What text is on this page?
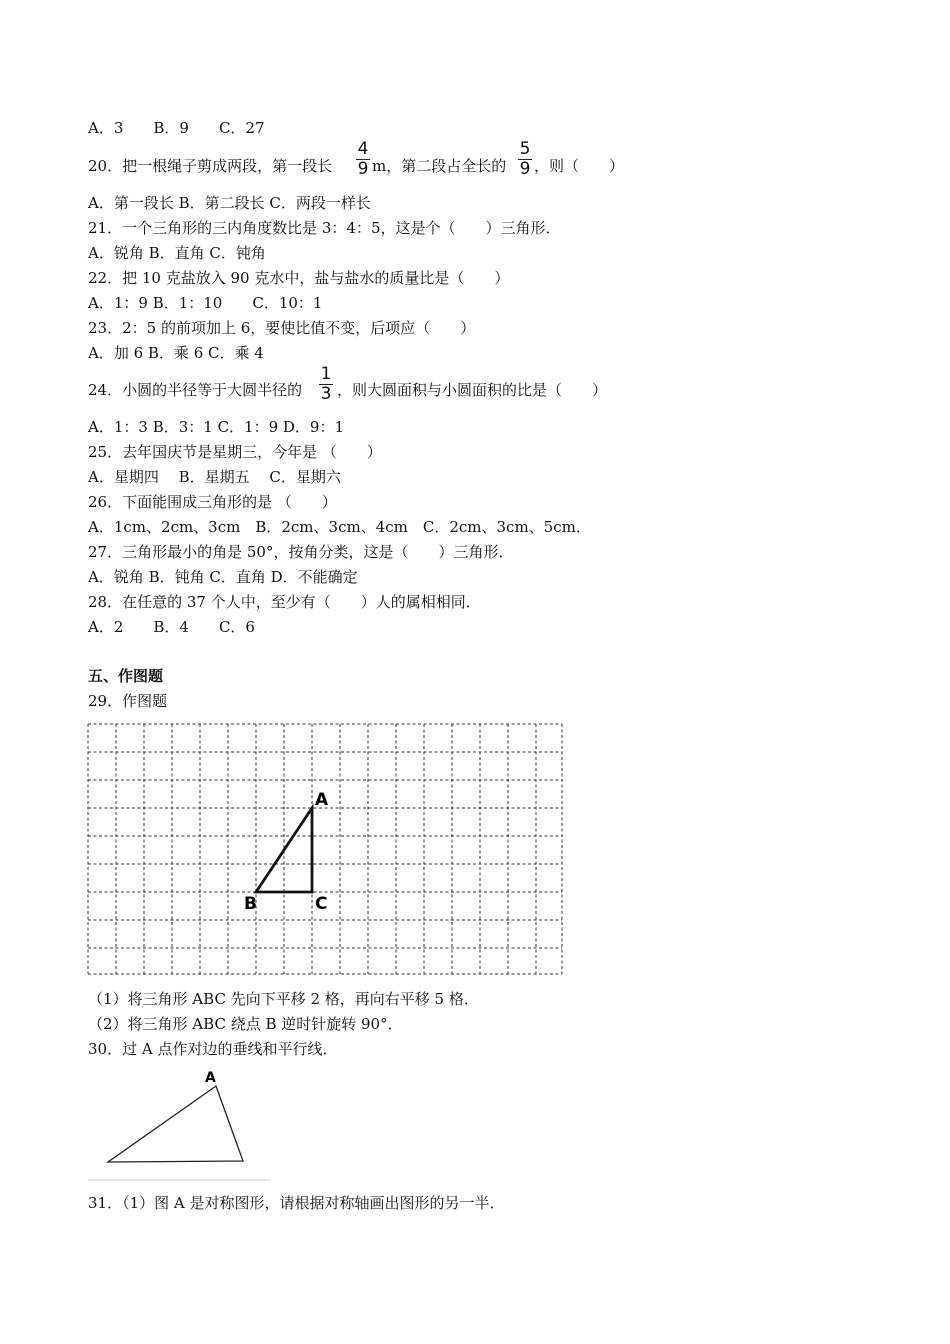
A．3　　B．9　　C．27
20．把一根绳子剪成两段，第一段长
4
9 m，第二段占全长的
5
9 ，则（　　）
A．第一段长 B．第二段长 C．两段一样长
21．一个三角形的三内角度数比是 3：4：5，这是个（　　）三角形．
A．锐角 B．直角 C．钝角
22．把 10 克盐放入 90 克水中，盐与盐水的质量比是（　　）
A．1：9 B．1：10　　C．10：1
23．2：5 的前项加上 6，要使比值不变，后项应（　　）
A．加 6 B．乘 6 C．乘 4
24．小圆的半径等于大圆半径的
1
3 ，则大圆面积与小圆面积的比是（　　）
A．1：3 B．3：1 C．1：9 D．9：1
25．去年国庆节是星期三，今年是 （　　）
A．星期四　 B．星期五　 C．星期六
26．下面能围成三角形的是 （　　）
A．1cm、2cm、3cm　B．2cm、3cm、4cm　C．2cm、3cm、5cm．
27．三角形最小的角是 50°，按角分类，这是（　　）三角形．
A．锐角 B．钝角 C．直角 D．不能确定
28．在任意的 37 个人中，至少有（　　）人的属相相同．
A．2　　B．4　　C．6
五、作图题
29．作图题
A
B	C
（1）将三角形 ABC 先向下平移 2 格，再向右平移 5 格．
（2）将三角形 ABC 绕点 B 逆时针旋转 90°．
30．过 A 点作对边的垂线和平行线．
A
31．（1）图 A 是对称图形，请根据对称轴画出图形的另一半．
